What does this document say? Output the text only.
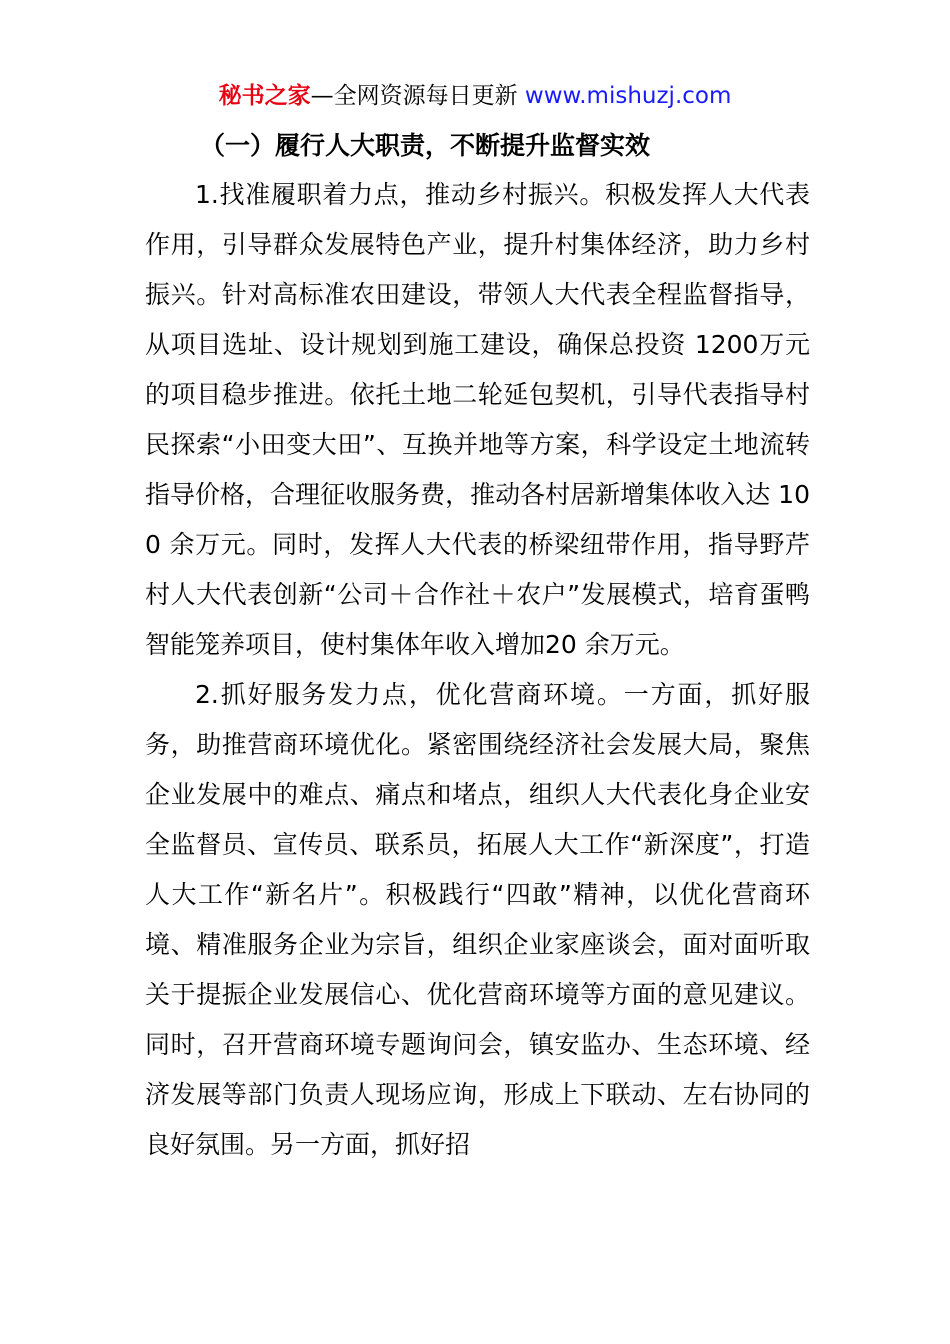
秘书之家—全网资源每日更新 www.mishuzj.com
（一）履行人大职责，不断提升监督实效

1.找准履职着力点，推动乡村振兴。积极发挥人大代表作用，引导群众发展特色产业，提升村集体经济，助力乡村振兴。针对高标准农田建设，带领人大代表全程监督指导，从项目选址、设计规划到施工建设，确保总投资 1200万元的项目稳步推进。依托土地二轮延包契机，引导代表指导村民探索“小田变大田”、互换并地等方案，科学设定土地流转指导价格，合理征收服务费，推动各村居新增集体收入达 100 余万元。同时，发挥人大代表的桥梁纽带作用，指导野芹村人大代表创新“公司＋合作社＋农户”发展模式，培育蛋鸭智能笼养项目，使村集体年收入增加20 余万元。

2.抓好服务发力点，优化营商环境。一方面，抓好服务，助推营商环境优化。紧密围绕经济社会发展大局，聚焦企业发展中的难点、痛点和堵点，组织人大代表化身企业安全监督员、宣传员、联系员，拓展人大工作“新深度”，打造人大工作“新名片”。积极践行“四敢”精神，以优化营商环境、精准服务企业为宗旨，组织企业家座谈会，面对面听取关于提振企业发展信心、优化营商环境等方面的意见建议。同时，召开营商环境专题询问会，镇安监办、生态环境、经济发展等部门负责人现场应询，形成上下联动、左右协同的良好氛围。另一方面，抓好招
